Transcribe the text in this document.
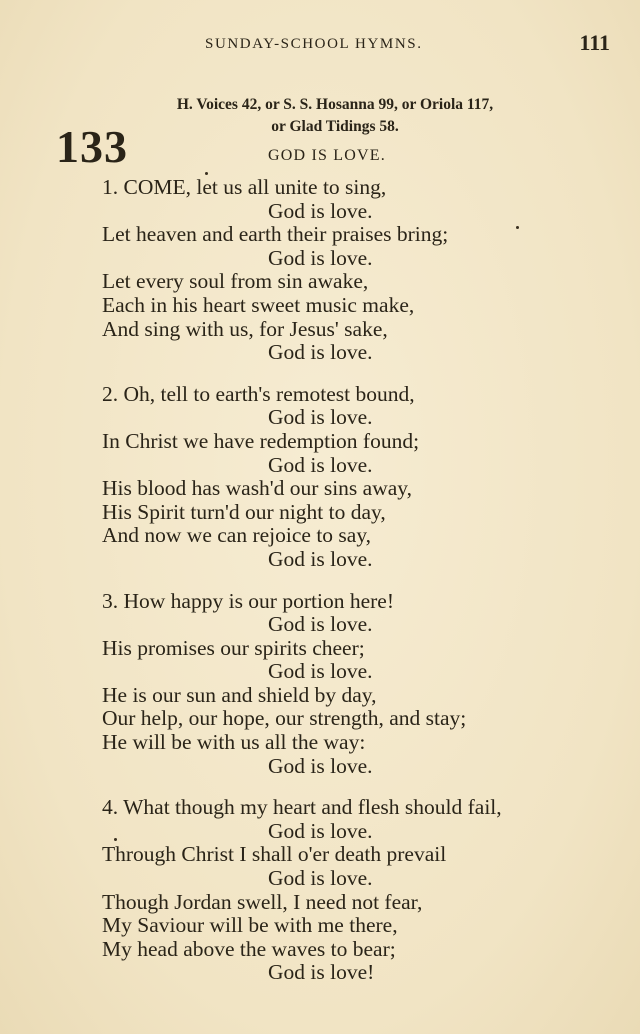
SUNDAY-SCHOOL HYMNS.	111
H. Voices 42, or S. S. Hosanna 99, or Oriola 117,
or Glad Tidings 58.
133	GOD IS LOVE.
1. COME, let us all unite to sing,
God is love.
Let heaven and earth their praises bring;
God is love.
Let every soul from sin awake,
Each in his heart sweet music make,
And sing with us, for Jesus' sake,
God is love.
2. Oh, tell to earth's remotest bound,
God is love.
In Christ we have redemption found;
God is love.
His blood has wash'd our sins away,
His Spirit turn'd our night to day,
And now we can rejoice to say,
God is love.
3. How happy is our portion here!
God is love.
His promises our spirits cheer;
God is love.
He is our sun and shield by day,
Our help, our hope, our strength, and stay;
He will be with us all the way:
God is love.
4. What though my heart and flesh should fail,
God is love.
Through Christ I shall o'er death prevail
God is love.
Though Jordan swell, I need not fear,
My Saviour will be with me there,
My head above the waves to bear;
God is love!
